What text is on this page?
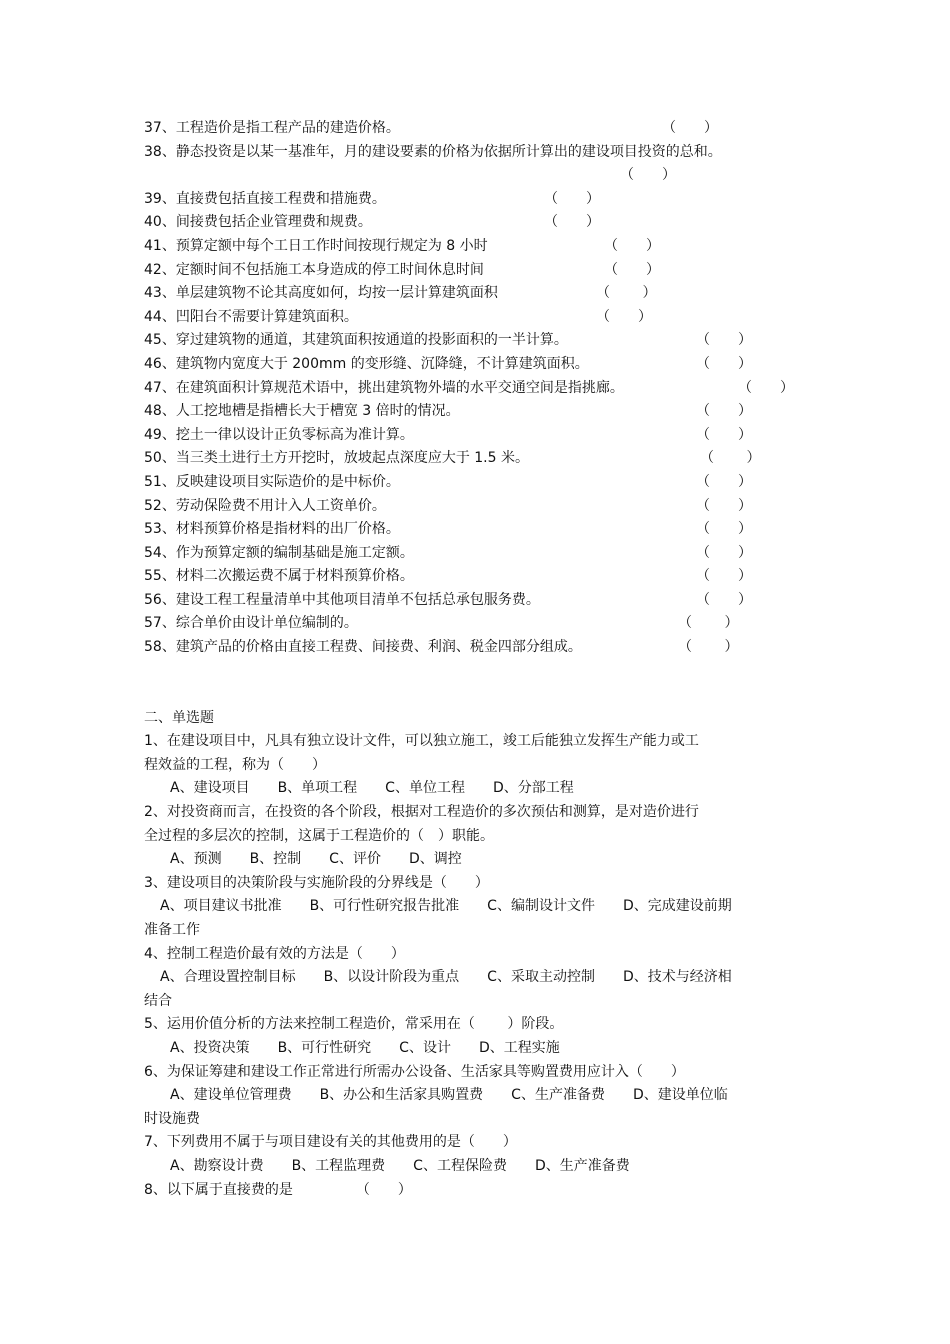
37、工程造价是指工程产品的建造价格。	（　　）
38、静态投资是以某一基准年，月的建设要素的价格为依据所计算出的建设项目投资的总和。
（　　）
39、直接费包括直接工程费和措施费。	（　　）
40、间接费包括企业管理费和规费。	（　　）
41、预算定额中每个工日工作时间按现行规定为 8 小时	（　　）
42、定额时间不包括施工本身造成的停工时间休息时间	（　　）
43、单层建筑物不论其高度如何，均按一层计算建筑面积	（　　 ）
44、凹阳台不需要计算建筑面积。	（　　）
45、穿过建筑物的通道，其建筑面积按通道的投影面积的一半计算。	（　　）
46、建筑物内宽度大于 200mm 的变形缝、沉降缝，不计算建筑面积。	（　　）
47、在建筑面积计算规范术语中，挑出建筑物外墙的水平交通空间是指挑廊。	（　　）
48、人工挖地槽是指槽长大于槽宽 3 倍时的情况。	（　　）
49、挖土一律以设计正负零标高为准计算。	（　　）
50、当三类土进行土方开挖时，放坡起点深度应大于 1.5 米。	（　　 ）
51、反映建设项目实际造价的是中标价。	（　　）
52、劳动保险费不用计入人工资单价。	（　　）
53、材料预算价格是指材料的出厂价格。	（　　）
54、作为预算定额的编制基础是施工定额。	（　　）
55、材料二次搬运费不属于材料预算价格。	（　　）
56、建设工程工程量清单中其他项目清单不包括总承包服务费。	（　　）
57、综合单价由设计单位编制的。	（　　 ）
58、建筑产品的价格由直接工程费、间接费、利润、税金四部分组成。	（　　 ）
二、单选题
1、在建设项目中，凡具有独立设计文件，可以独立施工，竣工后能独立发挥生产能力或工
程效益的工程，称为（　　）
A、建设项目　　B、单项工程　　C、单位工程　　D、分部工程
2、对投资商而言，在投资的各个阶段，根据对工程造价的多次预估和测算，是对造价进行
全过程的多层次的控制，这属于工程造价的（　）职能。
A、预测　　B、控制　　C、评价　　D、调控
3、建设项目的决策阶段与实施阶段的分界线是（　　）
A、项目建议书批准　　B、可行性研究报告批准　　C、编制设计文件　　D、完成建设前期
准备工作
4、控制工程造价最有效的方法是（　　）
A、合理设置控制目标　　B、以设计阶段为重点　　C、采取主动控制　　D、技术与经济相
结合
5、运用价值分析的方法来控制工程造价，常采用在（　　 ）阶段。
A、投资决策　　B、可行性研究　　C、设计　　D、工程实施
6、为保证筹建和建设工作正常进行所需办公设备、生活家具等购置费用应计入（　　）
A、建设单位管理费　　B、办公和生活家具购置费　　C、生产准备费　　D、建设单位临
时设施费
7、下列费用不属于与项目建设有关的其他费用的是（　　）
A、勘察设计费　　B、工程监理费　　C、工程保险费　　D、生产准备费
8、以下属于直接费的是　　　　　（　　）
